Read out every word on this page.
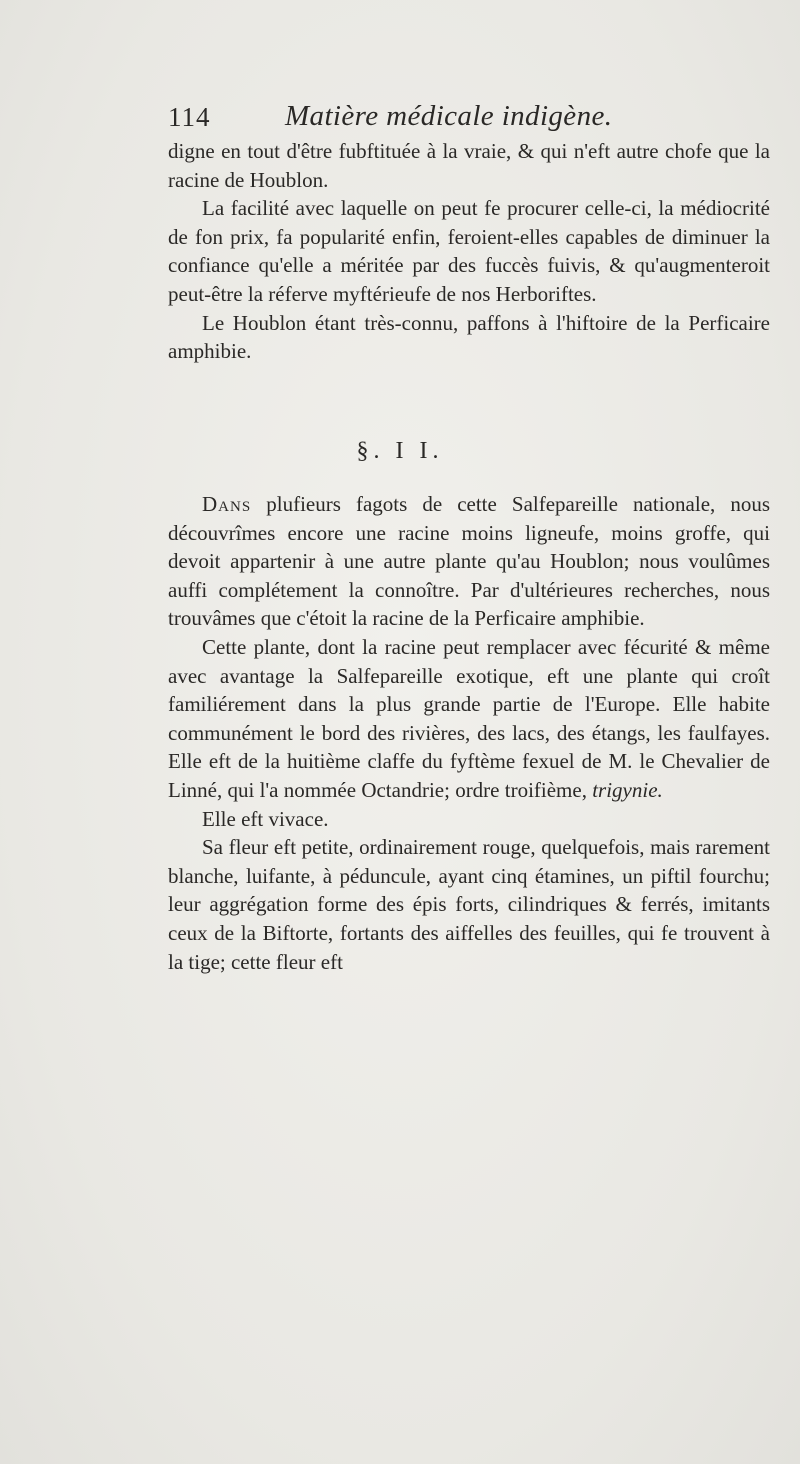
114	Matière médicale indigène.

digne en tout d'être fubftituée à la vraie, & qui n'eft autre chofe que la racine de Houblon.

La facilité avec laquelle on peut fe procurer celle-ci, la médiocrité de fon prix, fa popularité enfin, feroient-elles capables de diminuer la confiance qu'elle a méritée par des fuccès fuivis, & qu'augmenteroit peut-être la réferve myftérieufe de nos Herboriftes.

Le Houblon étant très-connu, paffons à l'hiftoire de la Perficaire amphibie.

§. I I.

Dans plufieurs fagots de cette Salfepareille nationale, nous découvrîmes encore une racine moins ligneufe, moins groffe, qui devoit appartenir à une autre plante qu'au Houblon; nous voulûmes auffi complétement la connoître. Par d'ultérieures recherches, nous trouvâmes que c'étoit la racine de la Perficaire amphibie.

Cette plante, dont la racine peut remplacer avec fécurité & même avec avantage la Salfepareille exotique, eft une plante qui croît familiérement dans la plus grande partie de l'Europe. Elle habite communément le bord des rivières, des lacs, des étangs, les faulfayes. Elle eft de la huitième claffe du fyftème fexuel de M. le Chevalier de Linné, qui l'a nommée Octandrie; ordre troifième, trigynie.

Elle eft vivace.

Sa fleur eft petite, ordinairement rouge, quelquefois, mais rarement blanche, luifante, à péduncule, ayant cinq étamines, un piftil fourchu; leur aggrégation forme des épis forts, cilindriques & ferrés, imitants ceux de la Biftorte, fortants des aiffelles des feuilles, qui fe trouvent à la tige; cette fleur eft
